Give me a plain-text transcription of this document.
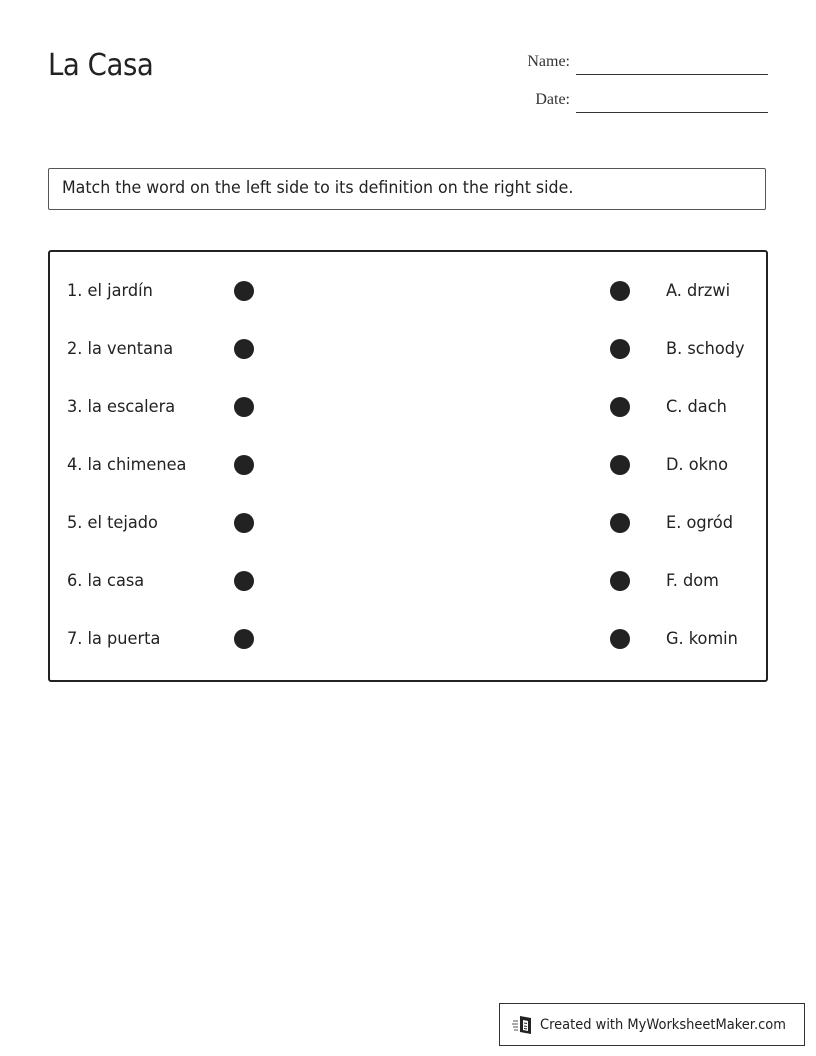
La Casa	Name:
Date:
Match the word on the left side to its definition on the right side.
1. el jardín	A. drzwi
2. la ventana	B. schody
3. la escalera	C. dach
4. la chimenea	D. okno
5. el tejado	E. ogród
6. la casa	F. dom
7. la puerta	G. komin
Created with MyWorksheetMaker.com
